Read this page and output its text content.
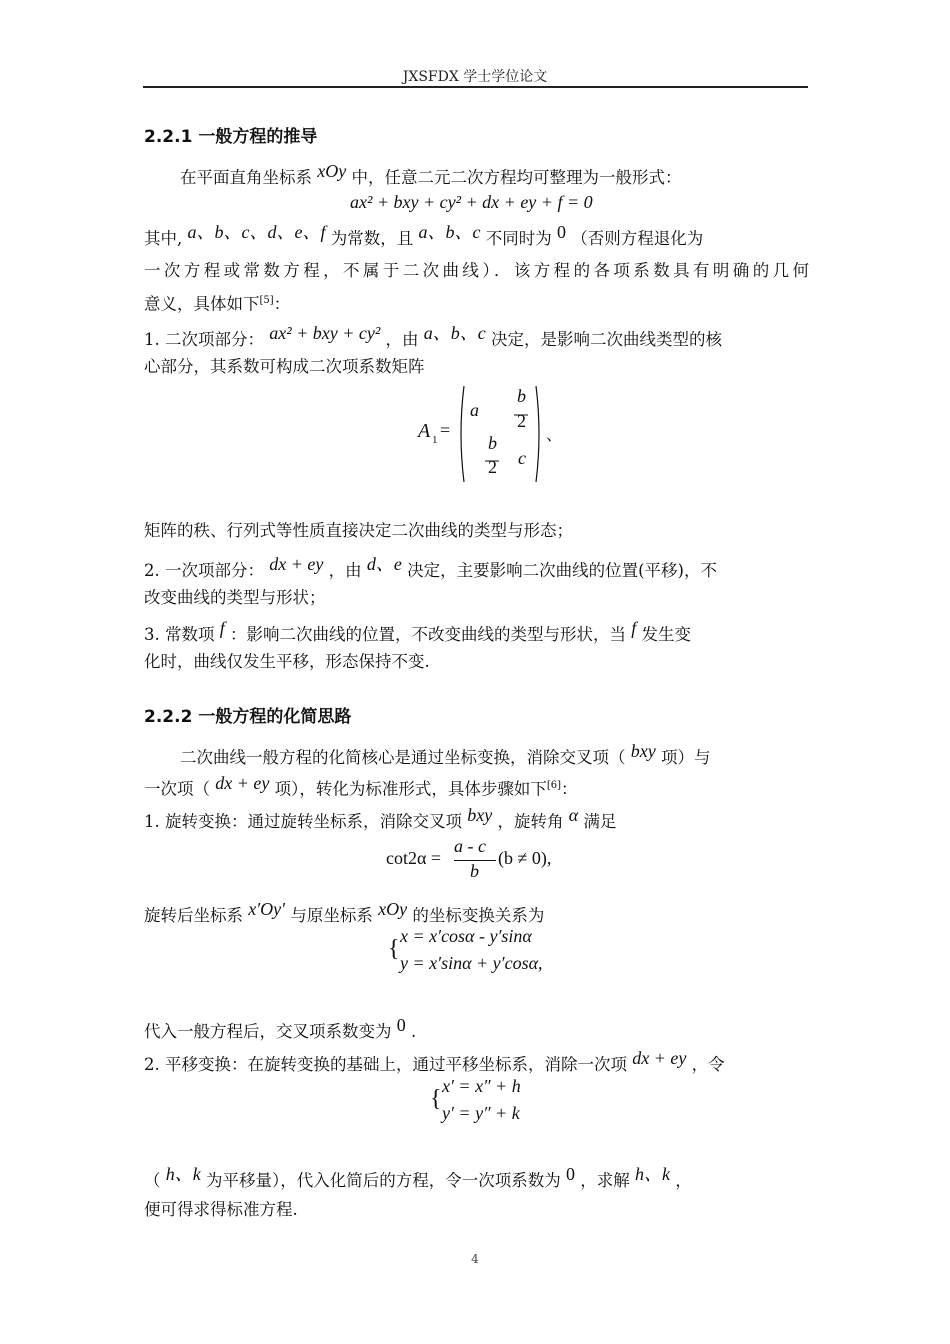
JXSFDX 学士学位论文
2.2.1 一般方程的推导
在平面直角坐标系 xOy 中，任意二元二次方程均可整理为一般形式：
ax² + bxy + cy² + dx + ey + f = 0
其中, a、b、c、d、e、f 为常数，且 a、b、c 不同时为 0 （否则方程退化为
一次方程或常数方程，不属于二次曲线）．该方程的各项系数具有明确的几何
意义，具体如下[5]：
1. 二次项部分： ax² + bxy + cy² ，由 a、b、c 决定，是影响二次曲线类型的核
心部分，其系数可构成二次项系数矩阵
A 1 =
a
b
2
b
2 c
、
矩阵的秩、行列式等性质直接决定二次曲线的类型与形态；
2. 一次项部分： dx + ey ，由 d、e 决定，主要影响二次曲线的位置(平移)，不
改变曲线的类型与形状；
3. 常数项 f ：影响二次曲线的位置，不改变曲线的类型与形状，当 f 发生变
化时，曲线仅发生平移，形态保持不变.
2.2.2 一般方程的化简思路
二次曲线一般方程的化简核心是通过坐标变换，消除交叉项（ bxy 项）与
一次项（ dx + ey 项），转化为标准形式，具体步骤如下[6]：
1. 旋转变换：通过旋转坐标系，消除交叉项 bxy ，旋转角 α 满足
cot2α =
a - c
b
(b ≠ 0),
旋转后坐标系 x′Oy′ 与原坐标系 xOy 的坐标变换关系为
{ x = x′cosα - y′sinα
y = x′sinα + y′cosα,
代入一般方程后，交叉项系数变为 0 .
2. 平移变换：在旋转变换的基础上，通过平移坐标系，消除一次项 dx + ey ，令
{ x′ = x″ + h
y′ = y″ + k
（ h、k 为平移量），代入化简后的方程，令一次项系数为 0 ，求解 h、k ，
便可得求得标准方程.
4
